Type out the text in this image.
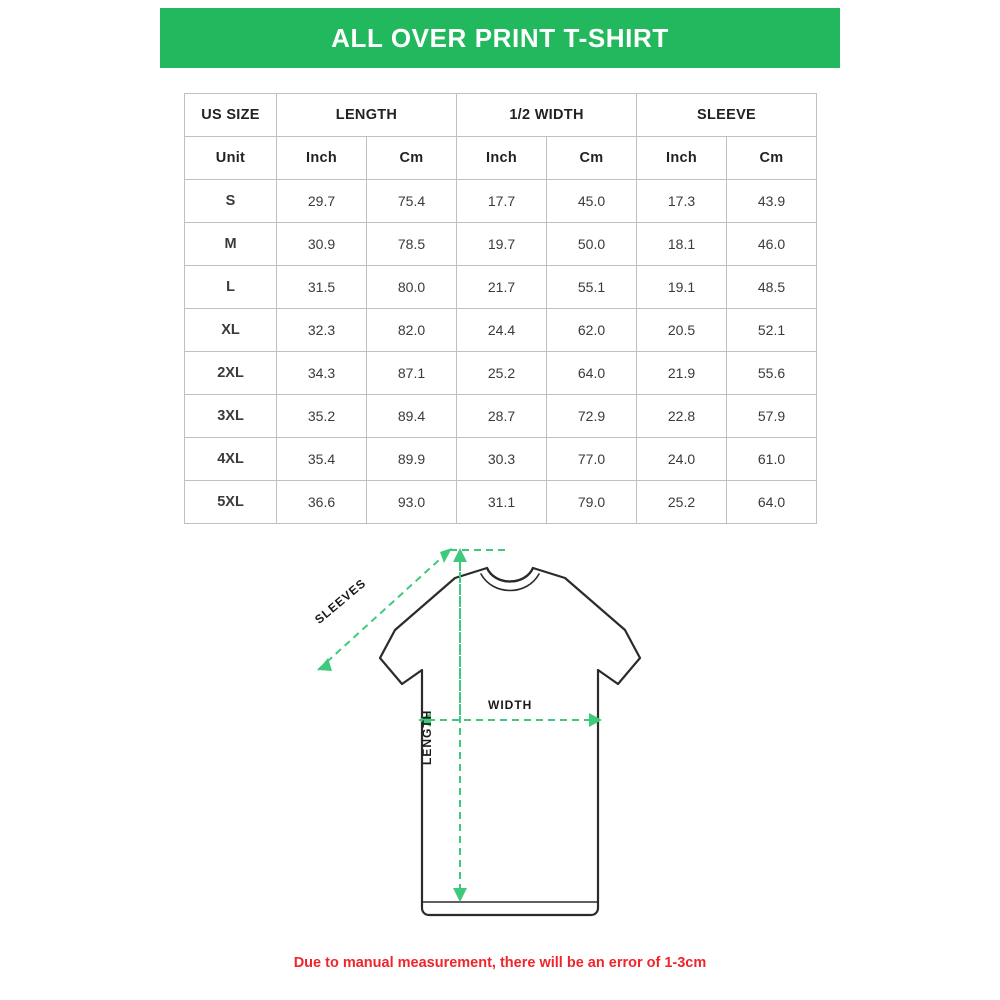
ALL OVER PRINT T-SHIRT
US SIZE	LENGTH		1/2 WIDTH		SLEEVE	
Unit	Inch	Cm	Inch	Cm	Inch	Cm
S	29.7	75.4	17.7	45.0	17.3	43.9
M	30.9	78.5	19.7	50.0	18.1	46.0
L	31.5	80.0	21.7	55.1	19.1	48.5
XL	32.3	82.0	24.4	62.0	20.5	52.1
2XL	34.3	87.1	25.2	64.0	21.9	55.6
3XL	35.2	89.4	28.7	72.9	22.8	57.9
4XL	35.4	89.9	30.3	77.0	24.0	61.0
5XL	36.6	93.0	31.1	79.0	25.2	64.0
SLEEVES
WIDTH
LENGTH
Due to manual measurement, there will be an error of 1-3cm
